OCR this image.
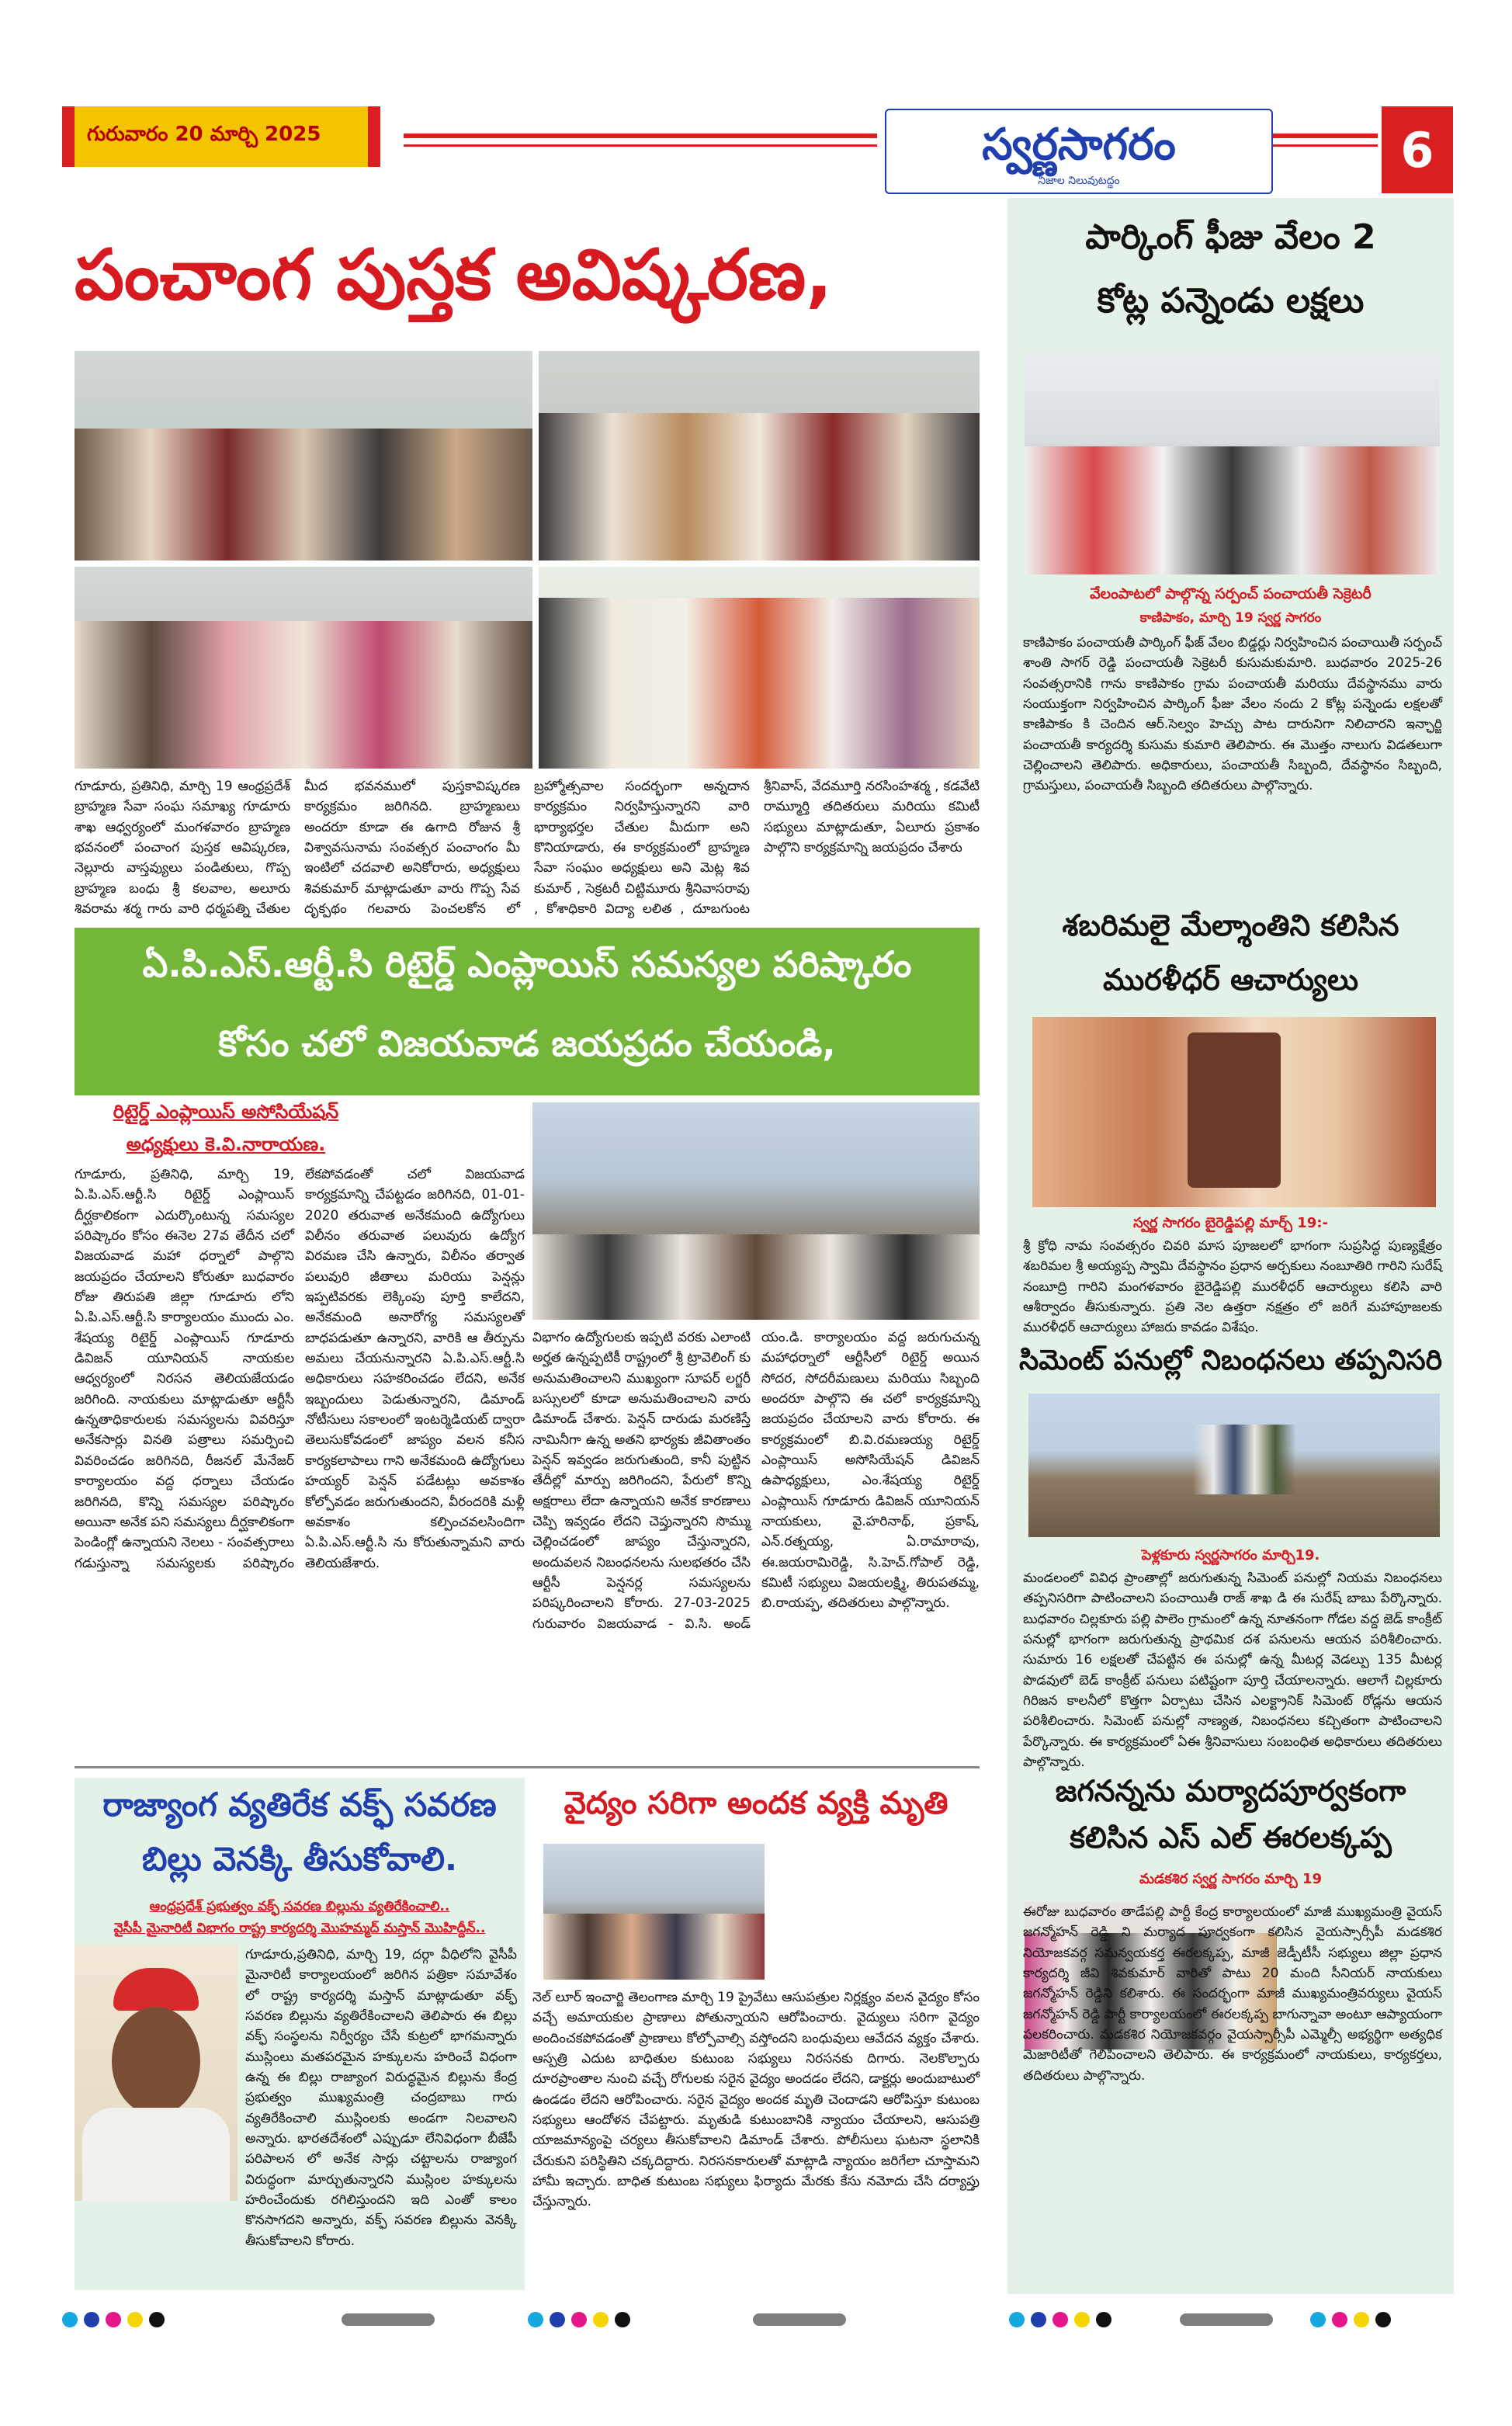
గురువారం 20 మార్చి 2025	స్వర్ణసాగరం
నిజాల నిలువుటద్దం
6
పంచాంగ పుస్తక అవిష్కరణ,
గూడూరు, ప్రతినిధి, మార్చి 19 ఆంధ్రప్రదేశ్ బ్రాహ్మణ సేవా సంఘ సమాఖ్య గూడూరు శాఖ ఆధ్వర్యంలో మంగళవారం బ్రాహ్మణ భవనంలో పంచాంగ పుస్తక ఆవిష్కరణ, నెల్లూరు వాస్తవ్యులు పండితులు, గొప్ప బ్రాహ్మణ బంధు శ్రీ కలవాల, అలూరు శివరామ శర్మ గారు వారి ధర్మపత్ని చేతుల మీద భవనములో పుస్తకావిష్కరణ కార్యక్రమం జరిగినది. బ్రాహ్మణులు అందరూ కూడా ఈ ఉగాది రోజున శ్రీ విశ్వావసునామ సంవత్సర పంచాంగం మీ ఇంటిలో చదవాలి అనికోరారు, అధ్యక్షులు శివకుమార్ మాట్లాడుతూ వారు గొప్ప సేవ దృక్పథం గలవారు పెంచలకోన లో బ్రహ్మోత్సవాల సందర్భంగా అన్నదాన కార్యక్రమం నిర్వహిస్తున్నారని వారి భార్యాభర్తల చేతుల మీదుగా అని కొనియాడారు, ఈ కార్యక్రమంలో బ్రాహ్మణ సేవా సంఘం అధ్యక్షులు అని మెట్ల శివ కుమార్ , సెక్రటరీ చిట్టిమూరు శ్రీనివాసరావు , కోశాధికారి విద్యా లలిత , దూబగుంట శ్రీనివాస్, వేదమూర్తి నరసింహశర్మ , కడవేటి రామ్మూర్తి తదితరులు మరియు కమిటీ సభ్యులు మాట్లాడుతూ, ఏలూరు ప్రకాశం పాల్గొని కార్యక్రమాన్ని జయప్రదం చేశారు
ఏ.పి.ఎస్.ఆర్టీ.సి రిటైర్డ్ ఎంప్లాయిస్ సమస్యల పరిష్కారం
కోసం చలో విజయవాడ జయప్రదం చేయండి,
రిటైర్డ్ ఎంప్లాయిస్ అసోసియేషన్
అధ్యక్షులు కె.వి.నారాయణ.
గూడూరు, ప్రతినిధి, మార్చి 19, ఏ.పి.ఎస్.ఆర్టీ.సి రిటైర్డ్ ఎంప్లాయిస్ దీర్ఘకాలికంగా ఎదుర్కొంటున్న సమస్యల పరిష్కారం కోసం ఈనెల 27వ తేదీన చలో విజయవాడ మహా ధర్నాలో పాల్గొని జయప్రదం చేయాలని కోరుతూ బుధవారం రోజు తిరుపతి జిల్లా గూడూరు లోని ఏ.పి.ఎస్.ఆర్టీ.సి కార్యాలయం ముందు ఎం. శేషయ్య రిటైర్డ్ ఎంప్లాయిస్ గూడూరు డివిజన్ యూనియన్ నాయకుల ఆధ్వర్యంలో నిరసన తెలియజేయడం జరిగింది. నాయకులు మాట్లాడుతూ ఆర్టీసీ ఉన్నతాధికారులకు సమస్యలను వివరిస్తూ అనేకసార్లు వినతి పత్రాలు సమర్పించి వివరించడం జరిగినది, రీజనల్ మేనేజర్ కార్యాలయం వద్ద ధర్నాలు చేయడం జరిగినది, కొన్ని సమస్యల పరిష్కారం అయినా అనేక పని సమస్యలు దీర్ఘకాలికంగా పెండింగ్లో ఉన్నాయని నెలలు - సంవత్సరాలు గడుస్తున్నా సమస్యలకు పరిష్కారం లేకపోవడంతో చలో విజయవాడ కార్యక్రమాన్ని చేపట్టడం జరిగినది, 01-01-2020 తరువాత అనేకమంది ఉద్యోగులు విలీనం తరువాత పలువురు ఉద్యోగ విరమణ చేసి ఉన్నారు, విలీనం తర్వాత పలువురి జీతాలు మరియు పెన్షన్లు ఇప్పటివరకు లెక్కింపు పూర్తి కాలేదని, అనేకమంది అనారోగ్య సమస్యలతో బాధపడుతూ ఉన్నారని, వారికి ఆ తీర్పును అమలు చేయనున్నారని ఏ.పి.ఎస్.ఆర్టీ.సి అధికారులు సహకరించడం లేదని, అనేక ఇబ్బందులు పెడుతున్నారని, డిమాండ్ నోటీసులు సకాలంలో ఇంటర్మెడియట్ ద్వారా తెలుసుకోవడంలో జాప్యం వలన కనీస కార్యకలాపాలు గాని అనేకమంది ఉద్యోగులు హయ్యర్ పెన్షన్ పడేటట్లు అవకాశం కోల్పోవడం జరుగుతుందని, వీరందరికి మళ్లీ అవకాశం కల్పించవలసిందిగా ఏ.పి.ఎస్.ఆర్టీ.సి ను కోరుతున్నామని వారు తెలియజేశారు.
విభాగం ఉద్యోగులకు ఇప్పటి వరకు ఎలాంటి అర్హత ఉన్నప్పటికీ రాష్ట్రంలో శ్రీ ట్రావెలింగ్ కు అనుమతించాలని ముఖ్యంగా సూపర్ లగ్జరీ బస్సులలో కూడా అనుమతించాలని వారు డిమాండ్ చేశారు. పెన్షన్ దారుడు మరణిస్తే నామినీగా ఉన్న అతని భార్యకు జీవితాంతం పెన్షన్ ఇవ్వడం జరుగుతుంది, కానీ పుట్టిన తేదీల్లో మార్పు జరిగిందని, పేరులో కొన్ని అక్షరాలు లేదా ఉన్నాయని అనేక కారణాలు చెప్పి ఇవ్వడం లేదని చెప్తున్నారని సొమ్ము చెల్లించడంలో జాప్యం చేస్తున్నారని, అందువలన నిబంధనలను సులభతరం చేసి ఆర్టీసీ పెన్షనర్ల సమస్యలను పరిష్కరించాలని కోరారు. 27-03-2025 గురువారం విజయవాడ - వి.సి. అండ్ యం.డి. కార్యాలయం వద్ద జరుగుచున్న మహాధర్నాలో ఆర్టీసీలో రిటైర్డ్ అయిన సోదర, సోదరీమణులు మరియు సిబ్బంది అందరూ పాల్గొని ఈ చలో కార్యక్రమాన్ని జయప్రదం చేయాలని వారు కోరారు. ఈ కార్యక్రమంలో బి.వి.రమణయ్య రిటైర్డ్ ఎంప్లాయిస్ అసోసియేషన్ డివిజన్ ఉపాధ్యక్షులు, ఎం.శేషయ్య రిటైర్డ్ ఎంప్లాయిస్ గూడూరు డివిజన్ యూనియన్ నాయకులు, వై.హరినాథ్, ప్రకాష్, ఎన్.రత్నయ్య, ఏ.రామారావు, ఈ.జయరామిరెడ్డి, సి.హెచ్.గోపాల్ రెడ్డి, కమిటీ సభ్యులు విజయలక్ష్మి, తిరుపతమ్మ, బి.రాయప్ప, తదితరులు పాల్గొన్నారు.
రాజ్యాంగ వ్యతిరేక వక్ఫ్ సవరణ
బిల్లు వెనక్కి తీసుకోవాలి.
ఆంధ్రప్రదేశ్ ప్రభుత్వం వక్ఫ్ సవరణ బిల్లును వ్యతిరేకించాలి..
వైసీపీ మైనారిటీ విభాగం రాష్ట్ర కార్యదర్శి మొహమ్మద్ మస్తాన్ మొహిద్దీన్..
గూడూరు,ప్రతినిధి, మార్చి 19, దర్గా వీధిలోని వైసీపీ మైనారిటీ కార్యాలయంలో జరిగిన పత్రికా సమావేశం లో రాష్ట్ర కార్యదర్శి మస్తాన్ మాట్లాడుతూ వక్ఫ్ సవరణ బిల్లును వ్యతిరేకించాలని తెలిపారు ఈ బిల్లు వక్ఫ్ సంస్థలను నిర్వీర్యం చేసే కుట్రలో భాగమన్నారు ముస్లింలు మతపరమైన హక్కులను హరించే విధంగా ఉన్న ఈ బిల్లు రాజ్యాంగ విరుద్ధమైన బిల్లును కేంద్ర ప్రభుత్వం ముఖ్యమంత్రి చంద్రబాబు గారు వ్యతిరేకించాలి ముస్లింలకు అండగా నిలవాలని అన్నారు. భారతదేశంలో ఎప్పుడూ లేనివిధంగా బీజేపీ పరిపాలన లో అనేక సార్లు చట్టాలను రాజ్యాంగ విరుద్ధంగా మార్చుతున్నారని ముస్లింల హక్కులను హరించేందుకు రగిలిస్తుందని ఇది ఎంతో కాలం కొనసాగదని అన్నారు, వక్ఫ్ సవరణ బిల్లును వెనక్కి తీసుకోవాలని కోరారు.
వైద్యం సరిగా అందక వ్యక్తి మృతి
నెల్ లూర్ ఇంచార్జి తెలంగాణ మార్చి 19 ప్రైవేటు ఆసుపత్రుల నిర్లక్ష్యం వలన వైద్యం కోసం వచ్చే అమాయకుల ప్రాణాలు పోతున్నాయని ఆరోపించారు. వైద్యులు సరిగా వైద్యం అందించకపోవడంతో ప్రాణాలు కోల్పోవాల్సి వస్తోందని బంధువులు ఆవేదన వ్యక్తం చేశారు. ఆస్పత్రి ఎదుట బాధితుల కుటుంబ సభ్యులు నిరసనకు దిగారు. నెలకొల్పారు దూరప్రాంతాల నుంచి వచ్చే రోగులకు సరైన వైద్యం అందడం లేదని, డాక్టర్లు అందుబాటులో ఉండడం లేదని ఆరోపించారు. సరైన వైద్యం అందక మృతి చెందాడని ఆరోపిస్తూ కుటుంబ సభ్యులు ఆందోళన చేపట్టారు. మృతుడి కుటుంబానికి న్యాయం చేయాలని, ఆసుపత్రి యాజమాన్యంపై చర్యలు తీసుకోవాలని డిమాండ్ చేశారు. పోలీసులు ఘటనా స్థలానికి చేరుకుని పరిస్థితిని చక్కదిద్దారు. నిరసనకారులతో మాట్లాడి న్యాయం జరిగేలా చూస్తామని హామీ ఇచ్చారు. బాధిత కుటుంబ సభ్యులు ఫిర్యాదు మేరకు కేసు నమోదు చేసి దర్యాప్తు చేస్తున్నారు.
పార్కింగ్ ఫీజు వేలం 2
కోట్ల పన్నెండు లక్షలు
వేలంపాటలో పాల్గొన్న సర్పంచ్ పంచాయతీ సెక్రెటరీ
కాణిపాకం, మార్చి 19 స్వర్ణ సాగరం
కాణిపాకం పంచాయతీ పార్కింగ్ ఫీజ్ వేలం బిడ్డర్లు నిర్వహించిన పంచాయితీ సర్పంచ్ శాంతి సాగర్ రెడ్డి పంచాయతీ సెక్రెటరీ కుసుమకుమారి. బుధవారం 2025-26 సంవత్సరానికి గాను కాణిపాకం గ్రామ పంచాయతీ మరియు దేవస్థానము వారు సంయుక్తంగా నిర్వహించిన పార్కింగ్ ఫీజు వేలం నందు 2 కోట్ల పన్నెండు లక్షలతో కాణిపాకం కి చెందిన ఆర్.సెల్వం హెచ్చు పాట దారునిగా నిలిచారని ఇన్ఛార్జి పంచాయతీ కార్యదర్శి కుసుమ కుమారి తెలిపారు. ఈ మొత్తం నాలుగు విడతలుగా చెల్లించాలని తెలిపారు. అధికారులు, పంచాయతీ సిబ్బంది, దేవస్థానం సిబ్బంది, గ్రామస్తులు, పంచాయతీ సిబ్బంది తదితరులు పాల్గొన్నారు.
శబరిమలై మేల్శాంతిని కలిసిన
మురళీధర్ ఆచార్యులు
స్వర్ణ సాగరం బైరెడ్డిపల్లి మార్చ్ 19:-
శ్రీ క్రోధి నామ సంవత్సరం చివరి మాస పూజలలో భాగంగా సుప్రసిద్ధ పుణ్యక్షేత్రం శబరిమల శ్రీ అయ్యప్ప స్వామి దేవస్థానం ప్రధాన అర్చకులు నంబూతిరి గారిని సురేష్ నంబూద్రి గారిని మంగళవారం బైరెడ్డిపల్లి మురళీధర్ ఆచార్యులు కలిసి వారి ఆశీర్వాదం తీసుకున్నారు. ప్రతి నెల ఉత్తరా నక్షత్రం లో జరిగే మహాపూజలకు మురళీధర్ ఆచార్యులు హాజరు కావడం విశేషం.
సిమెంట్ పనుల్లో నిబంధనలు తప్పనిసరి
పెళ్లకూరు స్వర్ణసాగరం మార్చి19.
మండలంలో వివిధ ప్రాంతాల్లో జరుగుతున్న సిమెంట్ పనుల్లో నియమ నిబంధనలు తప్పనిసరిగా పాటించాలని పంచాయితీ రాజ్ శాఖ డి ఈ సురేష్ బాబు పేర్కొన్నారు. బుధవారం చిల్లకూరు పల్లి పాలెం గ్రామంలో ఉన్న నూతనంగా గోడల వద్ద జెడ్ కాంక్రీట్ పనుల్లో భాగంగా జరుగుతున్న ప్రాథమిక దశ పనులను ఆయన పరిశీలించారు. సుమారు 16 లక్షలతో చేపట్టిన ఈ పనుల్లో ఉన్న మీటర్ల వెడల్పు 135 మీటర్ల పొడవులో బెడ్ కాంక్రీట్ పనులు పటిష్టంగా పూర్తి చేయాలన్నారు. ఆలాగే చిల్లకూరు గిరిజన కాలనీలో కొత్తగా ఏర్పాటు చేసిన ఎలక్ట్రానిక్ సిమెంట్ రోడ్లను ఆయన పరిశీలించారు. సిమెంట్ పనుల్లో నాణ్యత, నిబంధనలు కచ్చితంగా పాటించాలని పేర్కొన్నారు. ఈ కార్యక్రమంలో ఏఈ శ్రీనివాసులు సంబంధిత అధికారులు తదితరులు పాల్గొన్నారు.
జగనన్నను మర్యాదపూర్వకంగా
కలిసిన ఎస్ ఎల్ ఈరలక్కప్ప
మడకశిర స్వర్ణ సాగరం మార్చి 19
ఈరోజు బుధవారం తాడేపల్లి పార్టీ కేంద్ర కార్యాలయంలో మాజీ ముఖ్యమంత్రి వైయస్ జగన్మోహన్ రెడ్డి ని మర్యాద పూర్వకంగా కలిసిన వైయస్సార్సీపీ మడకశిర నియోజకవర్గ సమన్వయకర్త ఈరలక్కప్ప, మాజీ జెడ్పీటీసీ సభ్యులు జిల్లా ప్రధాన కార్యదర్శి జీవి శివకుమార్ వారితో పాటు 20 మంది సీనియర్ నాయకులు జగన్మోహన్ రెడ్డిని కలిశారు. ఈ సందర్భంగా మాజీ ముఖ్యమంత్రివర్యులు వైయస్ జగన్మోహన్ రెడ్డి పార్టీ కార్యాలయంలో ఈరలక్కప్ప బాగున్నావా అంటూ ఆప్యాయంగా పలకరించారు. మడకశిర నియోజకవర్గం వైయస్సార్సీపీ ఎమ్మెల్సీ అభ్యర్థిగా అత్యధిక మెజారిటీతో గెలిపించాలని తెలిపారు. ఈ కార్యక్రమంలో నాయకులు, కార్యకర్తలు, తదితరులు పాల్గొన్నారు.
